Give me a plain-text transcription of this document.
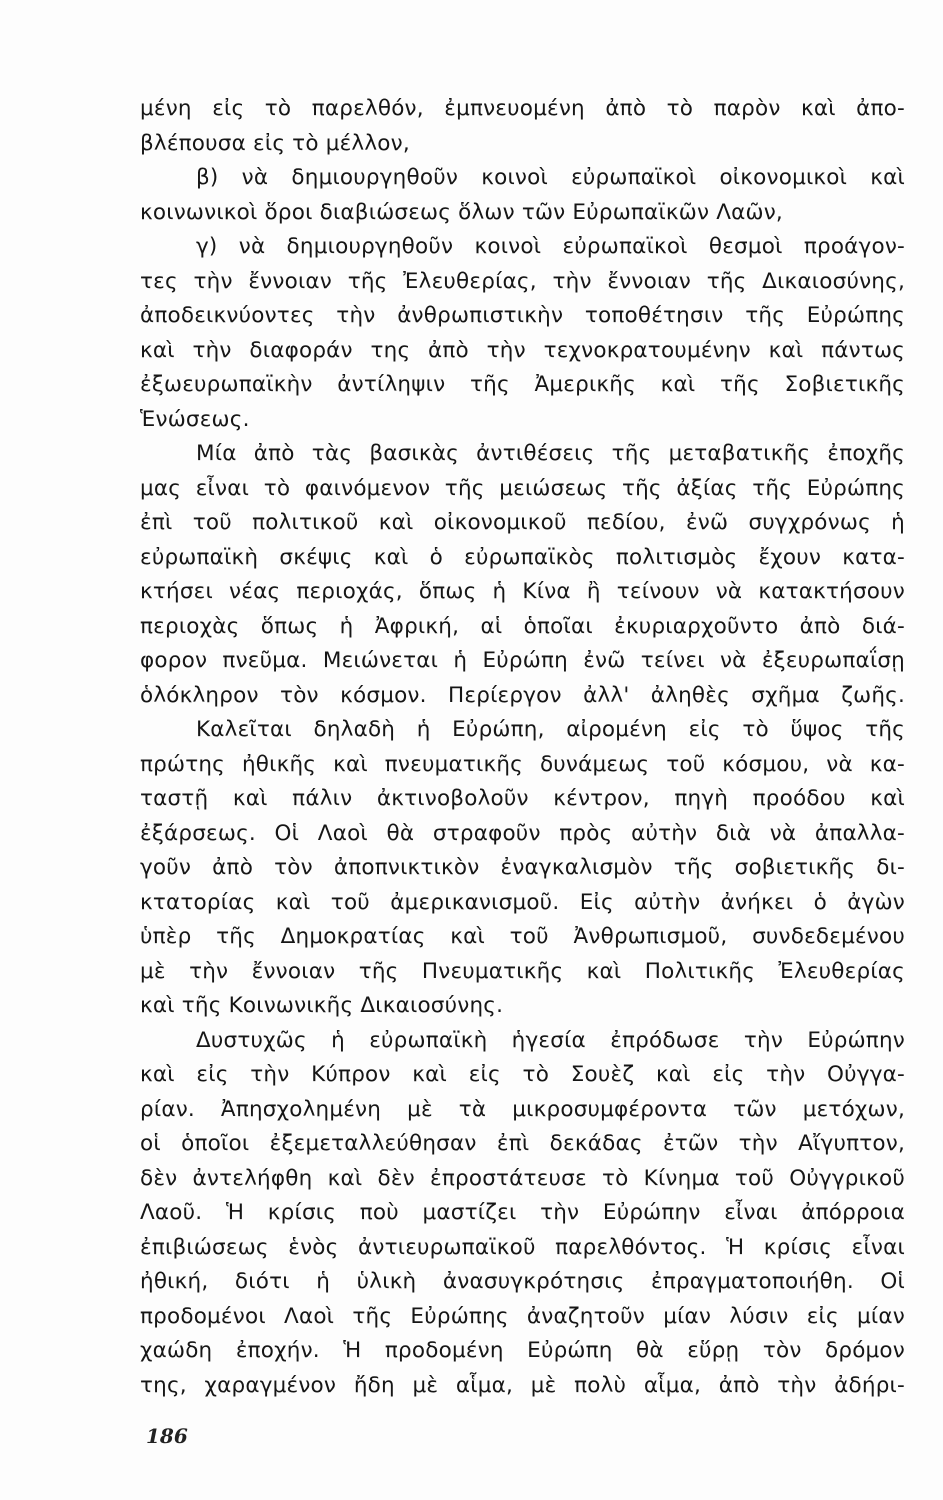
μένη εἰς τὸ παρελθόν, ἐμπνευομένη ἀπὸ τὸ παρὸν καὶ ἀπο-
βλέπουσα εἰς τὸ μέλλον,
β) νὰ δημιουργηθοῦν κοινοὶ εὐρωπαϊκοὶ οἰκονομικοὶ καὶ
κοινωνικοὶ ὅροι διαβιώσεως ὅλων τῶν Εὐρωπαϊκῶν Λαῶν,
γ) νὰ δημιουργηθοῦν κοινοὶ εὐρωπαϊκοὶ θεσμοὶ προάγον-
τες τὴν ἔννοιαν τῆς Ἐλευθερίας, τὴν ἔννοιαν τῆς Δικαιοσύνης,
ἀποδεικνύοντες τὴν ἀνθρωπιστικὴν τοποθέτησιν τῆς Εὐρώπης
καὶ τὴν διαφοράν της ἀπὸ τὴν τεχνοκρατουμένην καὶ πάντως
ἐξωευρωπαϊκὴν ἀντίληψιν τῆς Ἀμερικῆς καὶ τῆς Σοβιετικῆς
Ἑνώσεως.
Μία ἀπὸ τὰς βασικὰς ἀντιθέσεις τῆς μεταβατικῆς ἐποχῆς
μας εἶναι τὸ φαινόμενον τῆς μειώσεως τῆς ἀξίας τῆς Εὐρώπης
ἐπὶ τοῦ πολιτικοῦ καὶ οἰκονομικοῦ πεδίου, ἐνῶ συγχρόνως ἡ
εὐρωπαϊκὴ σκέψις καὶ ὁ εὐρωπαϊκὸς πολιτισμὸς ἔχουν κατα-
κτήσει νέας περιοχάς, ὅπως ἡ Κίνα ἢ τείνουν νὰ κατακτήσουν
περιοχὰς ὅπως ἡ Ἀφρική, αἱ ὁποῖαι ἐκυριαρχοῦντο ἀπὸ διά-
φορον πνεῦμα. Μειώνεται ἡ Εὐρώπη ἐνῶ τείνει νὰ ἐξευρωπαΐσῃ
ὁλόκληρον τὸν κόσμον. Περίεργον ἀλλ' ἀληθὲς σχῆμα ζωῆς.
Καλεῖται δηλαδὴ ἡ Εὐρώπη, αἰρομένη εἰς τὸ ὕψος τῆς
πρώτης ἠθικῆς καὶ πνευματικῆς δυνάμεως τοῦ κόσμου, νὰ κα-
ταστῇ καὶ πάλιν ἀκτινοβολοῦν κέντρον, πηγὴ προόδου καὶ
ἐξάρσεως. Οἱ Λαοὶ θὰ στραφοῦν πρὸς αὐτὴν διὰ νὰ ἀπαλλα-
γοῦν ἀπὸ τὸν ἀποπνικτικὸν ἐναγκαλισμὸν τῆς σοβιετικῆς δι-
κτατορίας καὶ τοῦ ἀμερικανισμοῦ. Εἰς αὐτὴν ἀνήκει ὁ ἀγὼν
ὑπὲρ τῆς Δημοκρατίας καὶ τοῦ Ἀνθρωπισμοῦ, συνδεδεμένου
μὲ τὴν ἔννοιαν τῆς Πνευματικῆς καὶ Πολιτικῆς Ἐλευθερίας
καὶ τῆς Κοινωνικῆς Δικαιοσύνης.
Δυστυχῶς ἡ εὐρωπαϊκὴ ἡγεσία ἐπρόδωσε τὴν Εὐρώπην
καὶ εἰς τὴν Κύπρον καὶ εἰς τὸ Σουὲζ καὶ εἰς τὴν Οὐγγα-
ρίαν. Ἀπησχολημένη μὲ τὰ μικροσυμφέροντα τῶν μετόχων,
οἱ ὁποῖοι ἐξεμεταλλεύθησαν ἐπὶ δεκάδας ἐτῶν τὴν Αἴγυπτον,
δὲν ἀντελήφθη καὶ δὲν ἐπροστάτευσε τὸ Κίνημα τοῦ Οὐγγρικοῦ
Λαοῦ. Ἡ κρίσις ποὺ μαστίζει τὴν Εὐρώπην εἶναι ἀπόρροια
ἐπιβιώσεως ἑνὸς ἀντιευρωπαϊκοῦ παρελθόντος. Ἡ κρίσις εἶναι
ἠθική, διότι ἡ ὑλικὴ ἀνασυγκρότησις ἐπραγματοποιήθη. Οἱ
προδομένοι Λαοὶ τῆς Εὐρώπης ἀναζητοῦν μίαν λύσιν εἰς μίαν
χαώδη ἐποχήν. Ἡ προδομένη Εὐρώπη θὰ εὕρῃ τὸν δρόμον
της, χαραγμένον ἤδη μὲ αἷμα, μὲ πολὺ αἷμα, ἀπὸ τὴν ἀδήρι-
186
